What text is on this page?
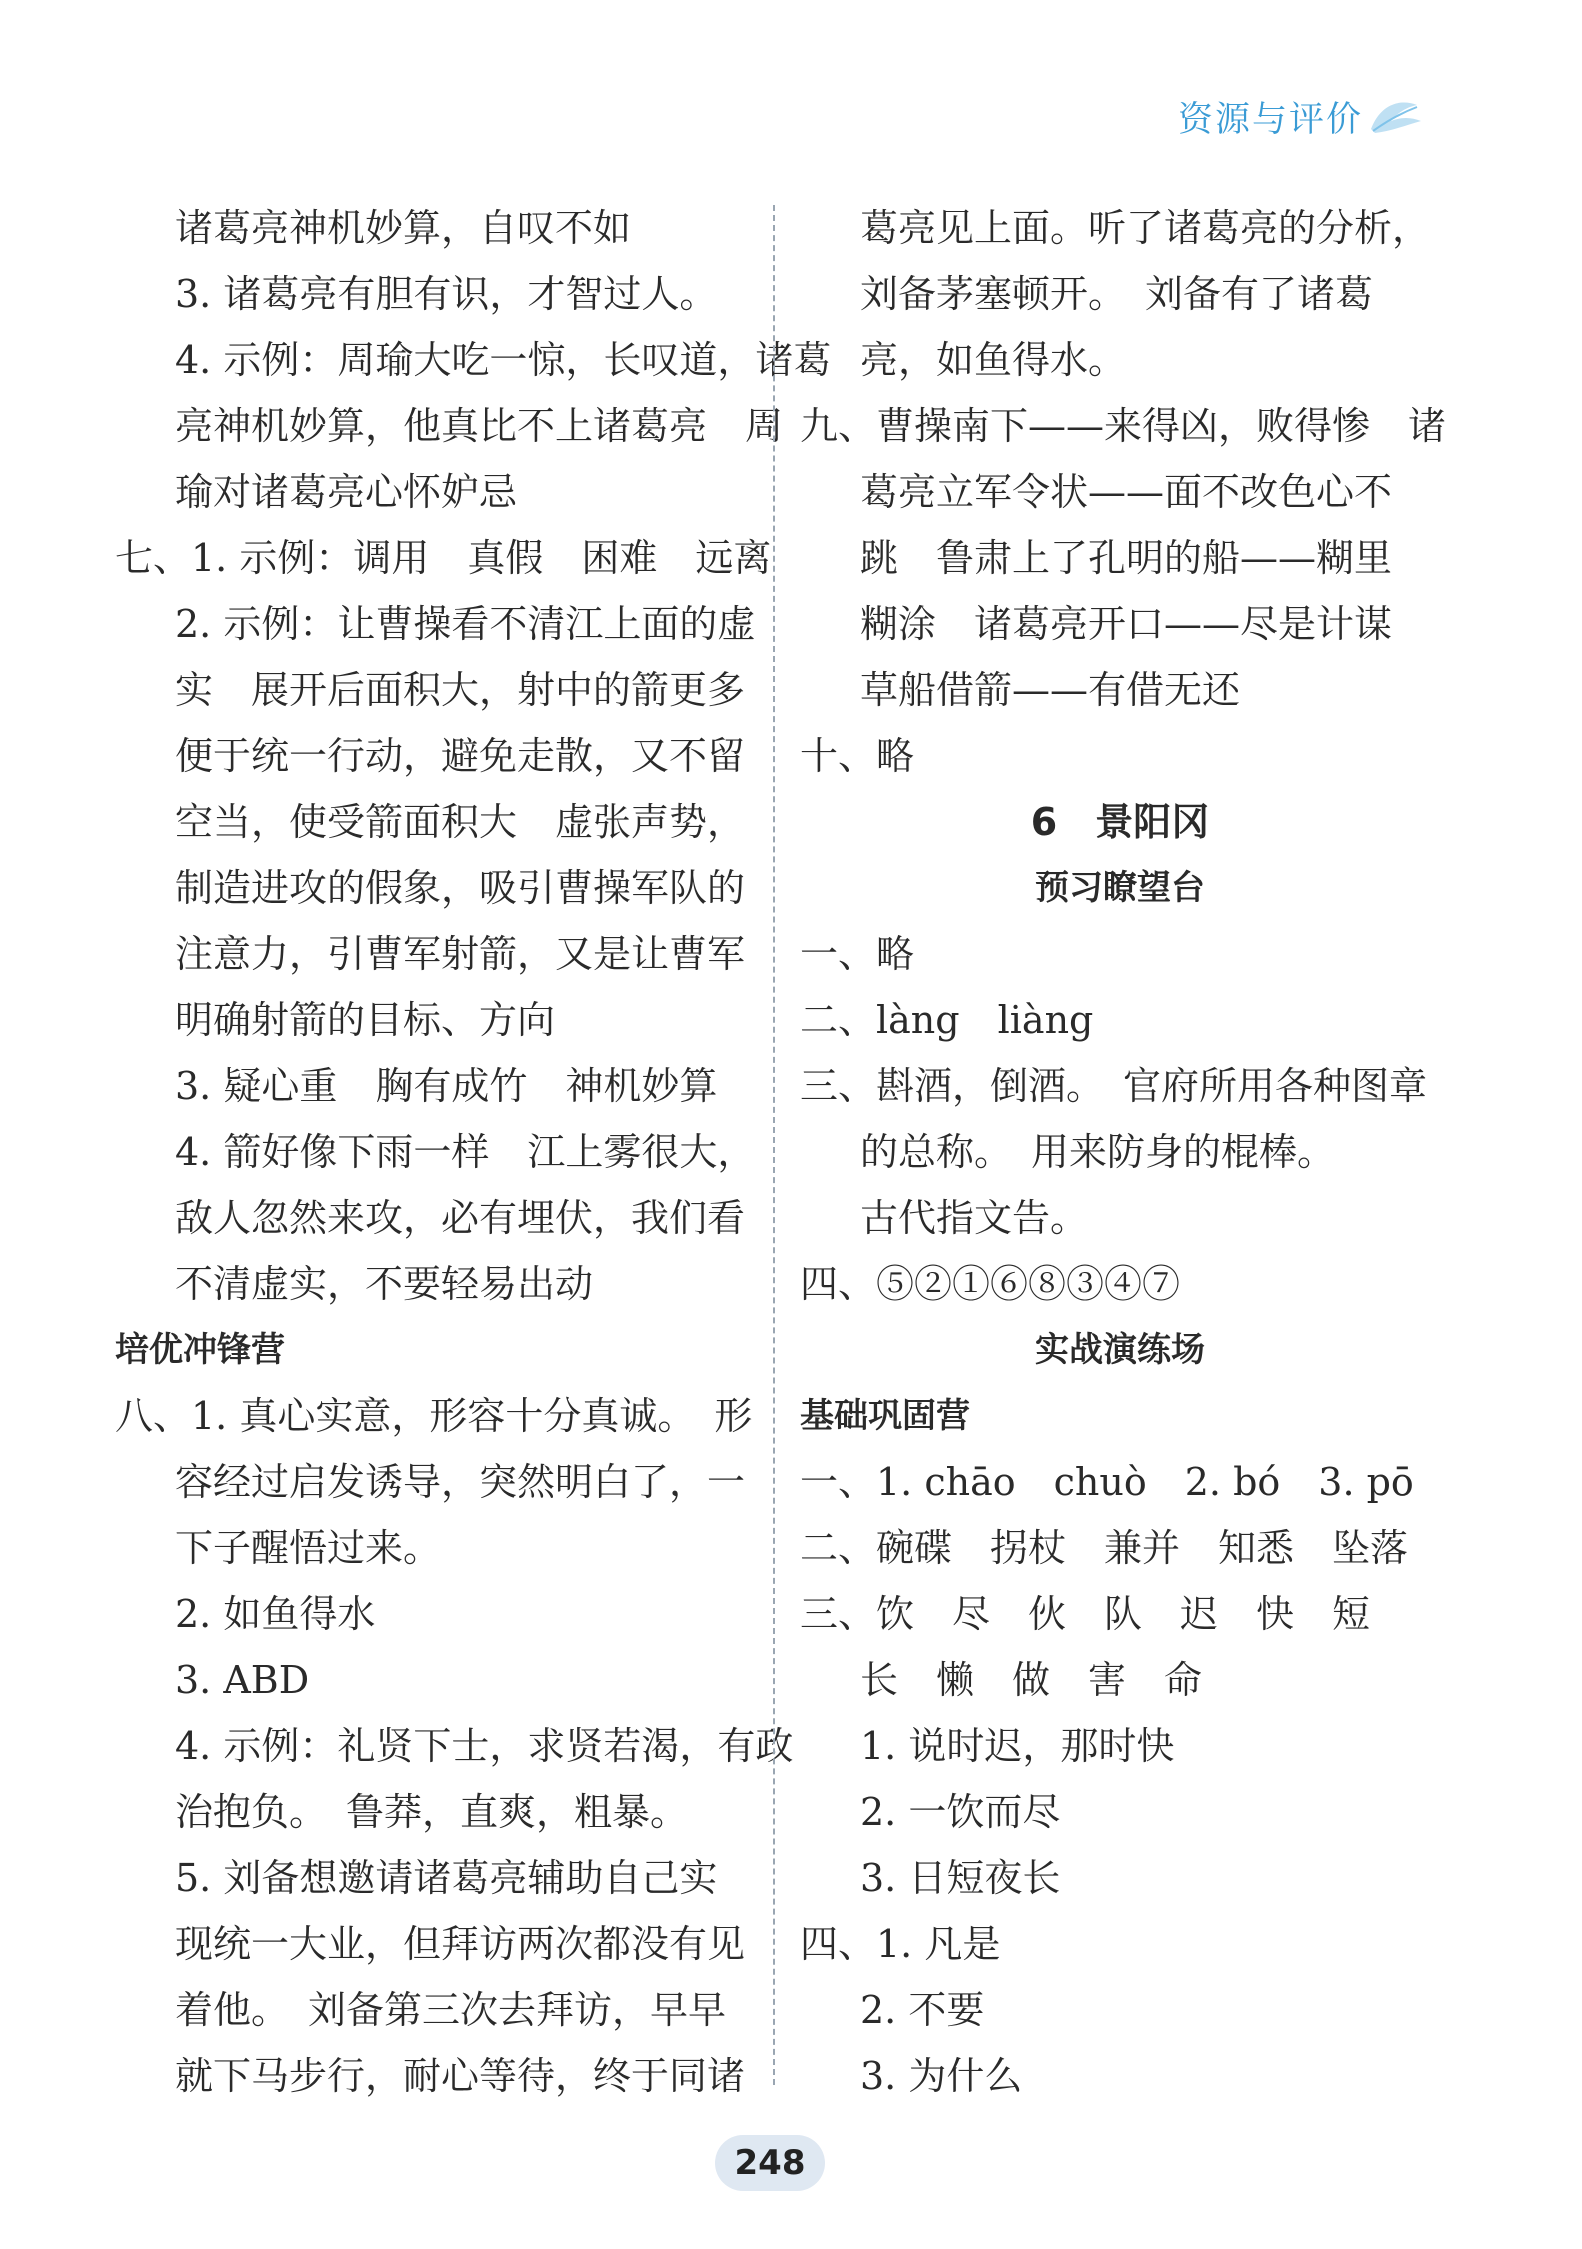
资源与评价
诸葛亮神机妙算，自叹不如
3. 诸葛亮有胆有识，才智过人。
4. 示例：周瑜大吃一惊，长叹道，诸葛
亮神机妙算，他真比不上诸葛亮　周
瑜对诸葛亮心怀妒忌
七、1. 示例：调用　真假　困难　远离
2. 示例：让曹操看不清江上面的虚
实　展开后面积大，射中的箭更多
便于统一行动，避免走散，又不留
空当，使受箭面积大　虚张声势，
制造进攻的假象，吸引曹操军队的
注意力，引曹军射箭，又是让曹军
明确射箭的目标、方向
3. 疑心重　胸有成竹　神机妙算
4. 箭好像下雨一样　江上雾很大，
敌人忽然来攻，必有埋伏，我们看
不清虚实，不要轻易出动
培优冲锋营
八、1. 真心实意，形容十分真诚。　形
容经过启发诱导，突然明白了，一
下子醒悟过来。
2. 如鱼得水
3. ABD
4. 示例：礼贤下士，求贤若渴，有政
治抱负。　鲁莽，直爽，粗暴。
5. 刘备想邀请诸葛亮辅助自己实
现统一大业，但拜访两次都没有见
着他。　刘备第三次去拜访，早早
就下马步行，耐心等待，终于同诸
葛亮见上面。听了诸葛亮的分析，
刘备茅塞顿开。　刘备有了诸葛
亮，如鱼得水。
九、曹操南下——来得凶，败得惨　诸
葛亮立军令状——面不改色心不
跳　鲁肃上了孔明的船——糊里
糊涂　诸葛亮开口——尽是计谋
草船借箭——有借无还
十、略
6　景阳冈
预习瞭望台
一、略
二、làng　liàng
三、斟酒，倒酒。　官府所用各种图章
的总称。　用来防身的棍棒。
古代指文告。
四、⑤②①⑥⑧③④⑦
实战演练场
基础巩固营
一、1. chāo　chuò　2. bó　3. pō
二、碗碟　拐杖　兼并　知悉　坠落
三、饮　尽　伙　队　迟　快　短
长　懒　做　害　命
1. 说时迟，那时快
2. 一饮而尽
3. 日短夜长
四、1. 凡是
2. 不要
3. 为什么
248
